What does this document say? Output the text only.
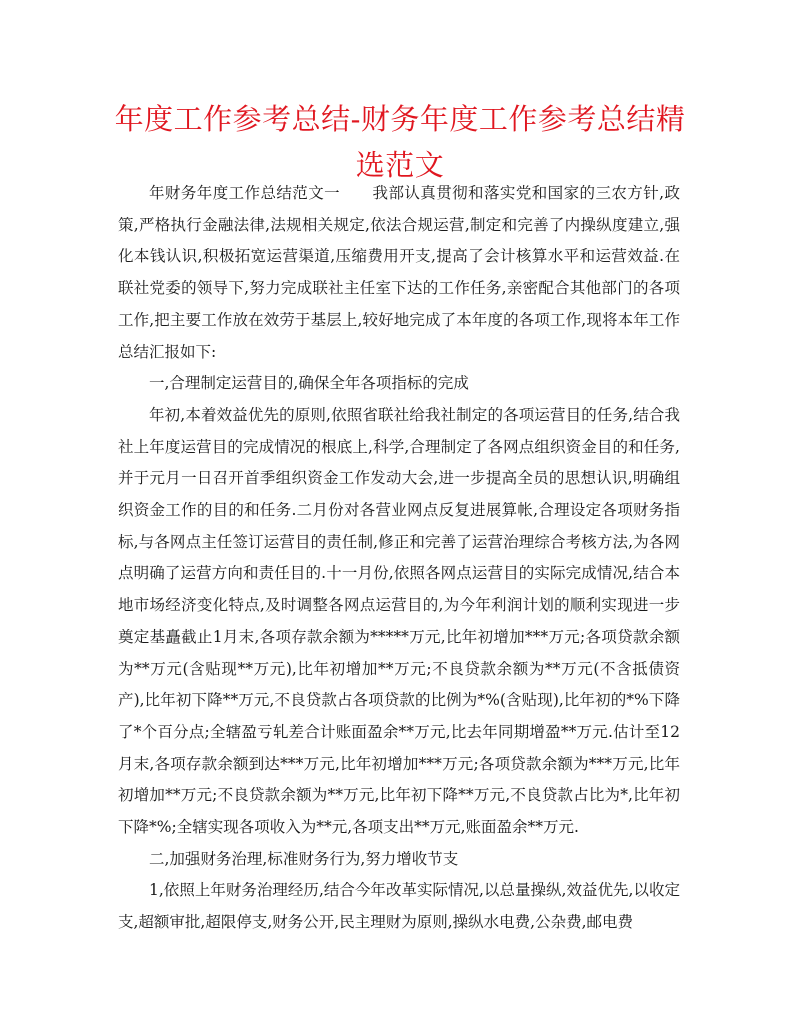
年度工作参考总结-财务年度工作参考总结精选范文

年财务年度工作总结范文一 我部认真贯彻和落实党和国家的三农方针,政策,严格执行金融法律,法规相关规定,依法合规运营,制定和完善了内操纵度建立,强化本钱认识,积极拓宽运营渠道,压缩费用开支,提高了会计核算水平和运营效益.在联社党委的领导下,努力完成联社主任室下达的工作任务,亲密配合其他部门的各项工作,把主要工作放在效劳于基层上,较好地完成了本年度的各项工作,现将本年工作总结汇报如下:

一,合理制定运营目的,确保全年各项指标的完成

年初,本着效益优先的原则,依照省联社给我社制定的各项运营目的任务,结合我社上年度运营目的完成情况的根底上,科学,合理制定了各网点组织资金目的和任务,并于元月一日召开首季组织资金工作发动大会,进一步提高全员的思想认识,明确组织资金工作的目的和任务.二月份对各营业网点反复进展算帐,合理设定各项财务指标,与各网点主任签订运营目的责任制,修正和完善了运营治理综合考核方法,为各网点明确了运营方向和责任目的.十一月份,依照各网点运营目的实际完成情况,结合本地市场经济变化特点,及时调整各网点运营目的,为今年利润计划的顺利实现进一步奠定基矗截止1月末,各项存款余额为*****万元,比年初增加***万元;各项贷款余额为**万元(含贴现**万元),比年初增加**万元;不良贷款余额为**万元(不含抵债资产),比年初下降**万元,不良贷款占各项贷款的比例为*%(含贴现),比年初的*%下降了*个百分点;全辖盈亏轧差合计账面盈余**万元,比去年同期增盈**万元.估计至12月末,各项存款余额到达***万元,比年初增加***万元;各项贷款余额为***万元,比年初增加**万元;不良贷款余额为**万元,比年初下降**万元,不良贷款占比为*,比年初下降*%;全辖实现各项收入为**元,各项支出**万元,账面盈余**万元.

二,加强财务治理,标准财务行为,努力增收节支

1,依照上年财务治理经历,结合今年改革实际情况,以总量操纵,效益优先,以收定支,超额审批,超限停支,财务公开,民主理财为原则,操纵水电费,公杂费,邮电费
